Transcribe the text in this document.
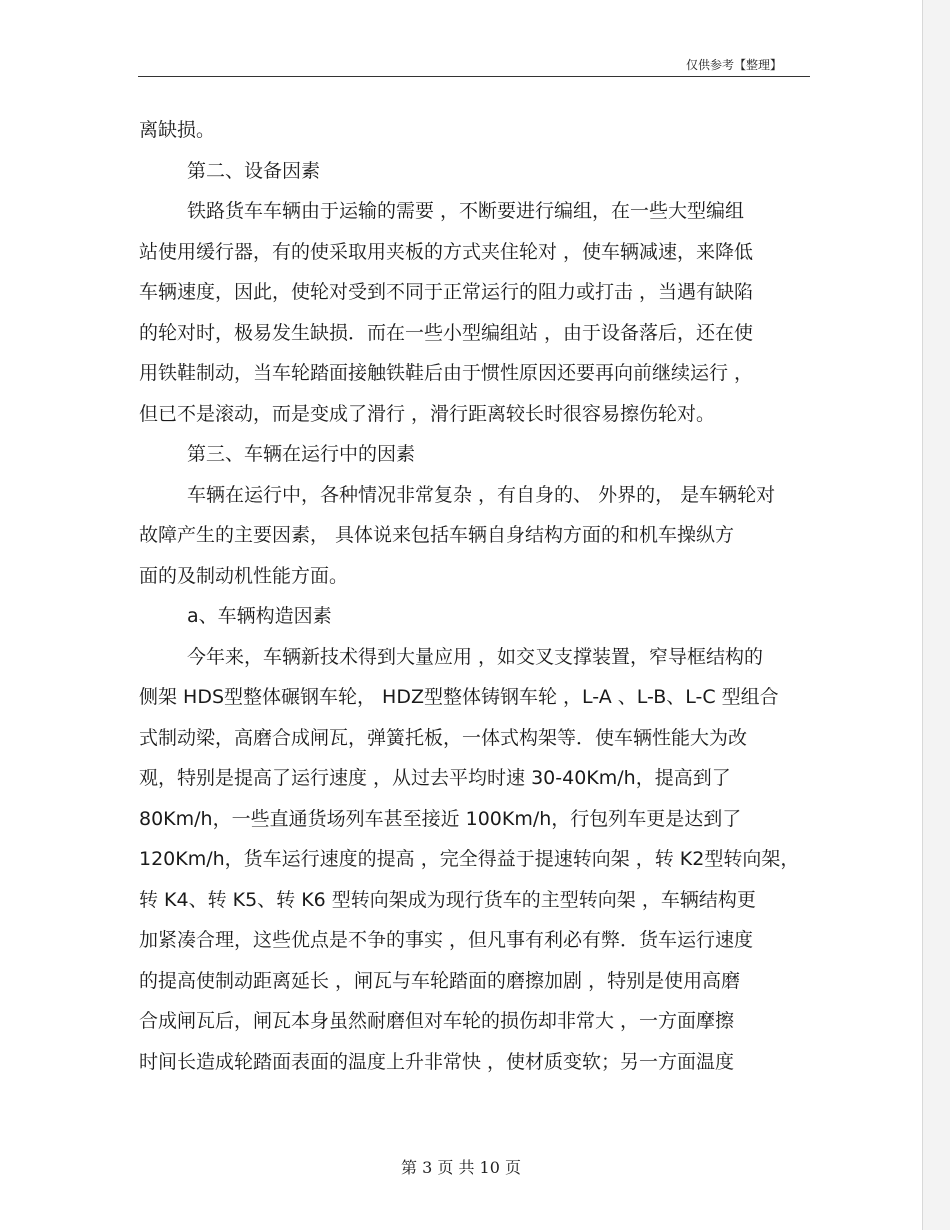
仅供参考【整理】
离缺损。
第二、设备因素
铁路货车车辆由于运输的需要 ，不断要进行编组，在一些大型编组
站使用缓行器，有的使采取用夹板的方式夹住轮对 ，使车辆减速，来降低
车辆速度，因此，使轮对受到不同于正常运行的阻力或打击 ，当遇有缺陷
的轮对时，极易发生缺损．而在一些小型编组站 ，由于设备落后，还在使
用铁鞋制动，当车轮踏面接触铁鞋后由于惯性原因还要再向前继续运行 ，
但已不是滚动，而是变成了滑行 ，滑行距离较长时很容易擦伤轮对。
第三、车辆在运行中的因素
车辆在运行中，各种情况非常复杂 ，有自身的、 外界的， 是车辆轮对
故障产生的主要因素， 具体说来包括车辆自身结构方面的和机车操纵方
面的及制动机性能方面。
a、车辆构造因素
今年来，车辆新技术得到大量应用 ，如交叉支撑装置，窄导框结构的
侧架 HDS型整体碾钢车轮， HDZ型整体铸钢车轮 ，L-A 、L-B、L-C 型组合
式制动梁，高磨合成闸瓦，弹簧托板，一体式构架等．使车辆性能大为改
观，特别是提高了运行速度 ，从过去平均时速 30-40Km/h，提高到了
80Km/h，一些直通货场列车甚至接近 100Km/h，行包列车更是达到了
120Km/h，货车运行速度的提高 ，完全得益于提速转向架 ，转 K2型转向架，
转 K4、转 K5、转 K6 型转向架成为现行货车的主型转向架 ，车辆结构更
加紧凑合理，这些优点是不争的事实 ，但凡事有利必有弊．货车运行速度
的提高使制动距离延长 ，闸瓦与车轮踏面的磨擦加剧 ，特别是使用高磨
合成闸瓦后，闸瓦本身虽然耐磨但对车轮的损伤却非常大 ，一方面摩擦
时间长造成轮踏面表面的温度上升非常快 ，使材质变软；另一方面温度
第 3 页 共 10 页
